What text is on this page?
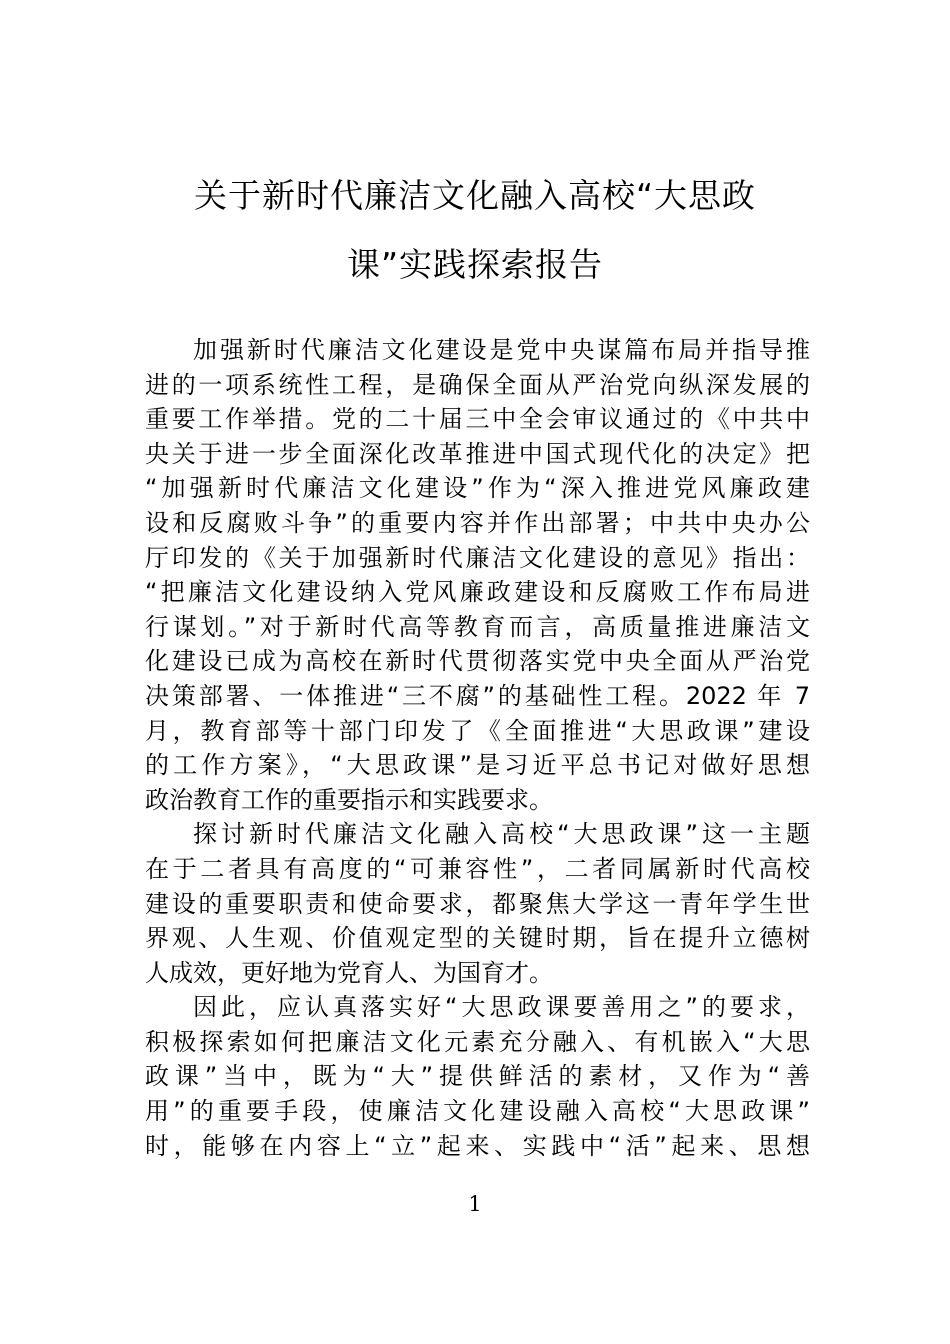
关于新时代廉洁文化融入高校“大思政
课”实践探索报告
加强新时代廉洁文化建设是党中央谋篇布局并指导推
进的一项系统性工程，是确保全面从严治党向纵深发展的
重要工作举措。党的二十届三中全会审议通过的《中共中
央关于进一步全面深化改革推进中国式现代化的决定》把
“加强新时代廉洁文化建设”作为“深入推进党风廉政建
设和反腐败斗争”的重要内容并作出部署；中共中央办公
厅印发的《关于加强新时代廉洁文化建设的意见》指出：
“把廉洁文化建设纳入党风廉政建设和反腐败工作布局进
行谋划。”对于新时代高等教育而言，高质量推进廉洁文
化建设已成为高校在新时代贯彻落实党中央全面从严治党
决策部署、一体推进“三不腐”的基础性工程。2022 年 7
月，教育部等十部门印发了《全面推进“大思政课”建设
的工作方案》，“大思政课”是习近平总书记对做好思想
政治教育工作的重要指示和实践要求。
探讨新时代廉洁文化融入高校“大思政课”这一主题
在于二者具有高度的“可兼容性”，二者同属新时代高校
建设的重要职责和使命要求，都聚焦大学这一青年学生世
界观、人生观、价值观定型的关键时期，旨在提升立德树
人成效，更好地为党育人、为国育才。
因此，应认真落实好“大思政课要善用之”的要求，
积极探索如何把廉洁文化元素充分融入、有机嵌入“大思
政课”当中，既为“大”提供鲜活的素材，又作为“善
用”的重要手段，使廉洁文化建设融入高校“大思政课”
时，能够在内容上“立”起来、实践中“活”起来、思想
1
